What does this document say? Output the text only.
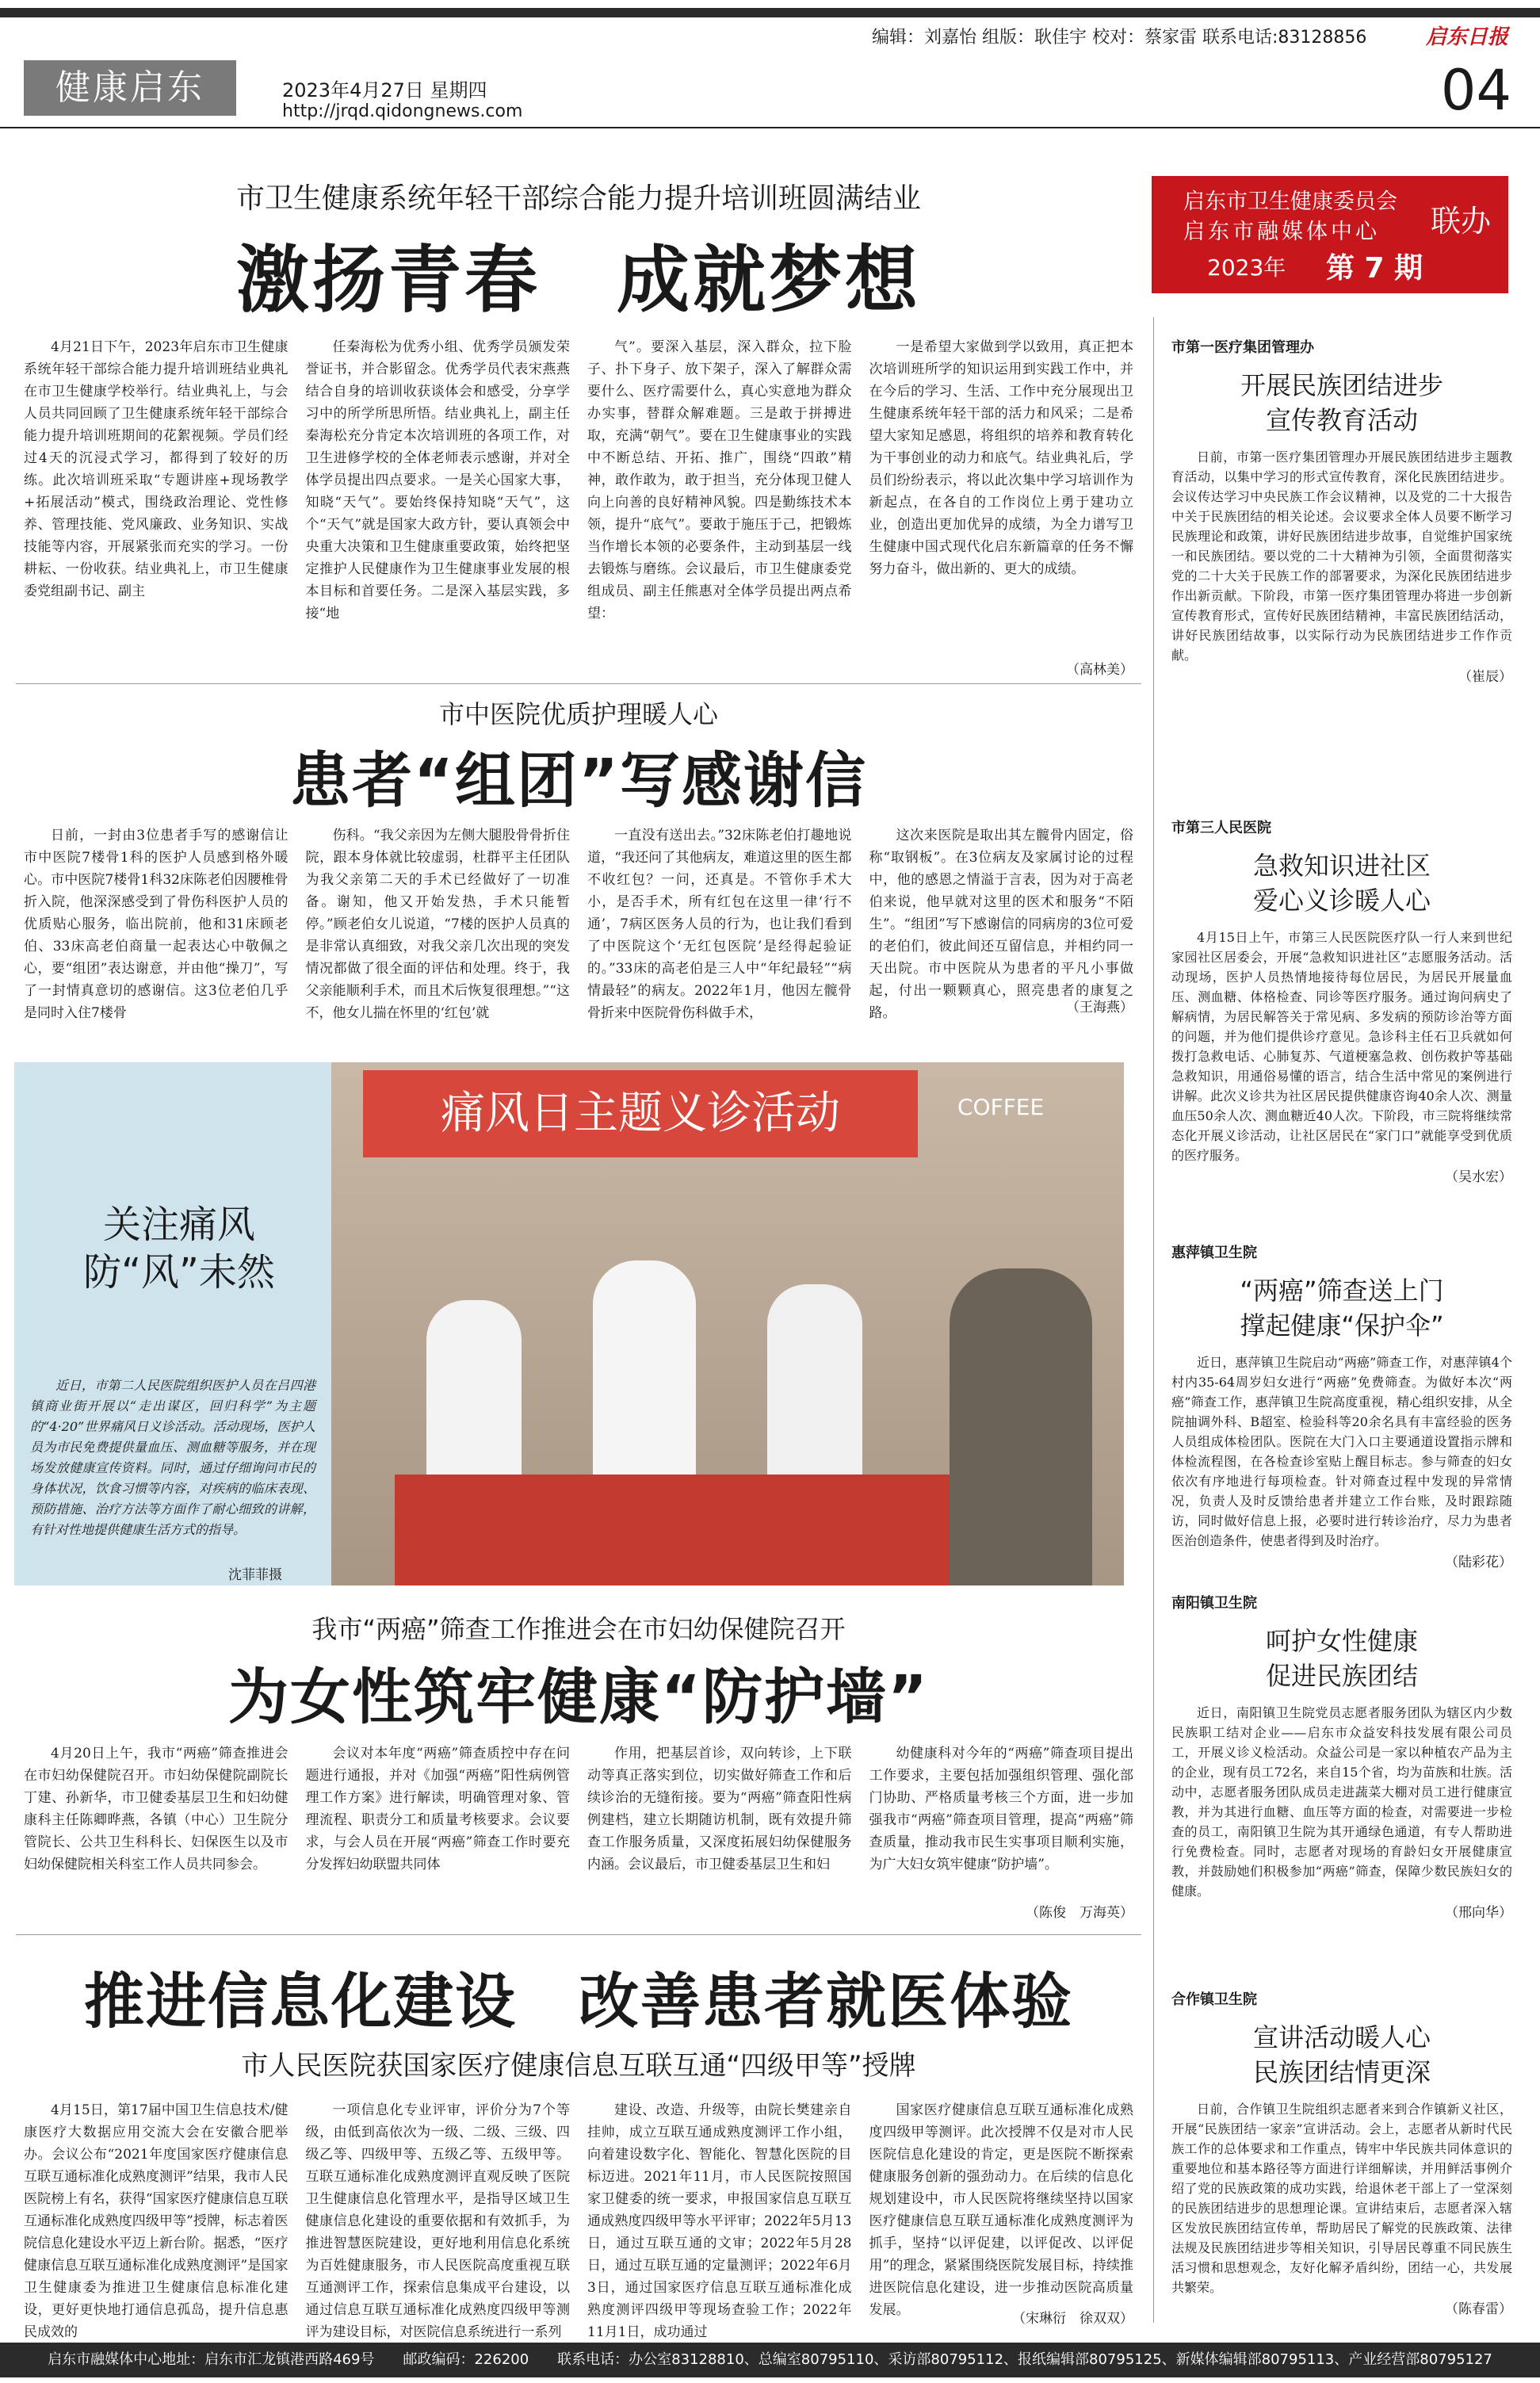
编辑：刘嘉怡 组版：耿佳宇 校对：蔡家雷 联系电话:83128856	启东日报
健康启东	2023年4月27日 星期四
http://jrqd.qidongnews.com	04
启东市卫生健康委员会
启东市融媒体中心	联办
2023年 第 7 期
市卫生健康系统年轻干部综合能力提升培训班圆满结业
激扬青春　成就梦想

4月21日下午，2023年启东市卫生健康系统年轻干部综合能力提升培训班结业典礼在市卫生健康学校举行。结业典礼上，与会人员共同回顾了卫生健康系统年轻干部综合能力提升培训班期间的花絮视频。学员们经过4天的沉浸式学习，都得到了较好的历练。此次培训班采取“专题讲座+现场教学+拓展活动”模式，围绕政治理论、党性修养、管理技能、党风廉政、业务知识、实战技能等内容，开展紧张而充实的学习。一份耕耘、一份收获。结业典礼上，市卫生健康委党组副书记、副主

任秦海松为优秀小组、优秀学员颁发荣誉证书，并合影留念。优秀学员代表宋燕燕结合自身的培训收获谈体会和感受，分享学习中的所学所思所悟。结业典礼上，副主任秦海松充分肯定本次培训班的各项工作，对卫生进修学校的全体老师表示感谢，并对全体学员提出四点要求。一是关心国家大事，知晓“天气”。要始终保持知晓“天气”，这个“天气”就是国家大政方针，要认真领会中央重大决策和卫生健康重要政策，始终把坚定推护人民健康作为卫生健康事业发展的根本目标和首要任务。二是深入基层实践，多接“地

气”。要深入基层，深入群众，拉下脸子、扑下身子、放下架子，深入了解群众需要什么、医疗需要什么，真心实意地为群众办实事，替群众解难题。三是敢于拼搏进取，充满“朝气”。要在卫生健康事业的实践中不断总结、开拓、推广，围绕“四敢”精神，敢作敢为，敢于担当，充分体现卫健人向上向善的良好精神风貌。四是勤练技术本领，提升“底气”。要敢于施压于己，把锻炼当作增长本领的必要条件，主动到基层一线去锻炼与磨练。会议最后，市卫生健康委党组成员、副主任熊惠对全体学员提出两点希望：

一是希望大家做到学以致用，真正把本次培训班所学的知识运用到实践工作中，并在今后的学习、生活、工作中充分展现出卫生健康系统年轻干部的活力和风采；二是希望大家知足感恩，将组织的培养和教育转化为干事创业的动力和底气。结业典礼后，学员们纷纷表示，将以此次集中学习培训作为新起点，在各自的工作岗位上勇于建功立业，创造出更加优异的成绩，为全力谱写卫生健康中国式现代化启东新篇章的任务不懈努力奋斗，做出新的、更大的成绩。

（高林美）
市中医院优质护理暖人心
患者“组团”写感谢信

日前，一封由3位患者手写的感谢信让市中医院7楼骨1科的医护人员感到格外暖心。市中医院7楼骨1科32床陈老伯因腰椎骨折入院，他深深感受到了骨伤科医护人员的优质贴心服务，临出院前，他和31床顾老伯、33床高老伯商量一起表达心中敬佩之心，要“组团”表达谢意，并由他“操刀”，写了一封情真意切的感谢信。这3位老伯几乎是同时入住7楼骨

伤科。“我父亲因为左侧大腿股骨骨折住院，跟本身体就比较虚弱，杜群平主任团队为我父亲第二天的手术已经做好了一切准备。谢知，他又开始发热，手术只能暂停。”顾老伯女儿说道，“7楼的医护人员真的是非常认真细致，对我父亲几次出现的突发情况都做了很全面的评估和处理。终于，我父亲能顺利手术，而且术后恢复很理想。”“这不，他女儿揣在怀里的‘红包’就

一直没有送出去。”32床陈老伯打趣地说道，“我还问了其他病友，难道这里的医生都不收红包？一问，还真是。不管你手术大小，是否手术，所有红包在这里一律‘行不通’，7病区医务人员的行为，也让我们看到了中医院这个‘无红包医院’是经得起验证的。”33床的高老伯是三人中“年纪最轻”“病情最轻”的病友。2022年1月，他因左髋骨骨折来中医院骨伤科做手术，

这次来医院是取出其左髋骨内固定，俗称“取钢板”。在3位病友及家属讨论的过程中，他的感恩之情溢于言表，因为对于高老伯来说，他早就对这里的医术和服务“不陌生”。“组团”写下感谢信的同病房的3位可爱的老伯们，彼此间还互留信息，并相约同一天出院。市中医院从为患者的平凡小事做起，付出一颗颗真心，照亮患者的康复之路。	（王海燕）
关注痛风
防“风”未然
近日，市第二人民医院组织医护人员在吕四港镇商业街开展以“走出谋区，回归科学”为主题的“4·20”世界痛风日义诊活动。活动现场，医护人员为市民免费提供量血压、测血糖等服务，并在现场发放健康宣传资料。同时，通过仔细询问市民的身体状况，饮食习惯等内容，对疾病的临床表现、预防措施、治疗方法等方面作了耐心细致的讲解，有针对性地提供健康生活方式的指导。
沈菲菲摄
痛风日主题义诊活动	COFFEE
我市“两癌”筛查工作推进会在市妇幼保健院召开
为女性筑牢健康“防护墙”

4月20日上午，我市“两癌”筛查推进会在市妇幼保健院召开。市妇幼保健院副院长丁建、孙新华，市卫健委基层卫生和妇幼健康科主任陈卿晔燕，各镇（中心）卫生院分管院长、公共卫生科科长、妇保医生以及市妇幼保健院相关科室工作人员共同参会。

会议对本年度“两癌”筛查质控中存在问题进行通报，并对《加强“两癌”阳性病例管理工作方案》进行解读，明确管理对象、管理流程、职责分工和质量考核要求。会议要求，与会人员在开展“两癌”筛查工作时要充分发挥妇幼联盟共同体

作用，把基层首诊，双向转诊，上下联动等真正落实到位，切实做好筛查工作和后续诊治的无缝衔接。要为“两癌”筛查阳性病例建档，建立长期随访机制，既有效提升筛查工作服务质量，又深度拓展妇幼保健服务内涵。会议最后，市卫健委基层卫生和妇

幼健康科对今年的“两癌”筛查项目提出工作要求，主要包括加强组织管理、强化部门协助、严格质量考核三个方面，进一步加强我市“两癌”筛查项目管理，提高“两癌”筛查质量，推动我市民生实事项目顺利实施，为广大妇女筑牢健康“防护墙”。

（陈俊　万海英）
推进信息化建设　改善患者就医体验
市人民医院获国家医疗健康信息互联互通“四级甲等”授牌

4月15日，第17届中国卫生信息技术/健康医疗大数据应用交流大会在安徽合肥举办。会议公布“2021年度国家医疗健康信息互联互通标准化成熟度测评”结果，我市人民医院榜上有名，获得“国家医疗健康信息互联互通标准化成熟度四级甲等”授牌，标志着医院信息化建设水平迈上新台阶。据悉，“医疗健康信息互联互通标准化成熟度测评”是国家卫生健康委为推进卫生健康信息标准化建设，更好更快地打通信息孤岛，提升信息惠民成效的

一项信息化专业评审，评价分为7个等级，由低到高依次为一级、二级、三级、四级乙等、四级甲等、五级乙等、五级甲等。互联互通标准化成熟度测评直观反映了医院卫生健康信息化管理水平，是指导区域卫生健康信息化建设的重要依据和有效抓手，为推进智慧医院建设，更好地利用信息化系统为百姓健康服务，市人民医院高度重视互联互通测评工作，探索信息集成平台建设，以通过信息互联互通标准化成熟度四级甲等测评为建设目标，对医院信息系统进行一系列

建设、改造、升级等，由院长樊建亲自挂帅，成立互联互通成熟度测评工作小组，向着建设数字化、智能化、智慧化医院的目标迈进。2021年11月，市人民医院按照国家卫健委的统一要求，申报国家信息互联互通成熟度四级甲等水平评审；2022年5月13日，通过互联互通的文审；2022年5月28日，通过互联互通的定量测评；2022年6月3日，通过国家医疗信息互联互通标准化成熟度测评四级甲等现场查验工作；2022年11月1日，成功通过

国家医疗健康信息互联互通标准化成熟度四级甲等测评。此次授牌不仅是对市人民医院信息化建设的肯定，更是医院不断探索健康服务创新的强劲动力。在后续的信息化规划建设中，市人民医院将继续坚持以国家医疗健康信息互联互通标准化成熟度测评为抓手，坚持“以评促建，以评促改、以评促用”的理念，紧紧围绕医院发展目标，持续推进医院信息化建设，进一步推动医院高质量发展。

（宋琳衍　徐双双）
市第一医疗集团管理办
开展民族团结进步
宣传教育活动
日前，市第一医疗集团管理办开展民族团结进步主题教育活动，以集中学习的形式宣传教育，深化民族团结进步。会议传达学习中央民族工作会议精神，以及党的二十大报告中关于民族团结的相关论述。会议要求全体人员要不断学习民族理论和政策，讲好民族团结进步故事，自觉维护国家统一和民族团结。要以党的二十大精神为引领，全面贯彻落实党的二十大关于民族工作的部署要求，为深化民族团结进步作出新贡献。下阶段，市第一医疗集团管理办将进一步创新宣传教育形式，宣传好民族团结精神，丰富民族团结活动，讲好民族团结故事，以实际行动为民族团结进步工作作贡献。
（崔辰）
市第三人民医院
急救知识进社区
爱心义诊暖人心
4月15日上午，市第三人民医院医疗队一行人来到世纪家园社区居委会，开展“急救知识进社区”志愿服务活动。活动现场，医护人员热情地接待每位居民，为居民开展量血压、测血糖、体格检查、同诊等医疗服务。通过询问病史了解病情，为居民解答关于常见病、多发病的预防诊治等方面的问题，并为他们提供诊疗意见。急诊科主任石卫兵就如何拨打急救电话、心肺复苏、气道梗塞急救、创伤救护等基础急救知识，用通俗易懂的语言，结合生活中常见的案例进行讲解。此次义诊共为社区居民提供健康咨询40余人次、测量血压50余人次、测血糖近40人次。下阶段，市三院将继续常态化开展义诊活动，让社区居民在“家门口”就能享受到优质的医疗服务。
（吴水宏）
惠萍镇卫生院
“两癌”筛查送上门
撑起健康“保护伞”
近日，惠萍镇卫生院启动“两癌”筛查工作，对惠萍镇4个村内35-64周岁妇女进行“两癌”免费筛查。为做好本次“两癌”筛查工作，惠萍镇卫生院高度重视，精心组织安排，从全院抽调外科、B超室、检验科等20余名具有丰富经验的医务人员组成体检团队。医院在大门入口主要通道设置指示牌和体检流程图，在各检查诊室贴上醒目标志。参与筛查的妇女依次有序地进行每项检查。针对筛查过程中发现的异常情况，负责人及时反馈给患者并建立工作台账，及时跟踪随访，同时做好信息上报，必要时进行转诊治疗，尽力为患者医治创造条件，使患者得到及时治疗。
（陆彩花）
南阳镇卫生院
呵护女性健康
促进民族团结
近日，南阳镇卫生院党员志愿者服务团队为辖区内少数民族职工结对企业——启东市众益安科技发展有限公司员工，开展义诊义检活动。众益公司是一家以种植农产品为主的企业，现有员工72名，来自15个省，均为苗族和壮族。活动中，志愿者服务团队成员走进蔬菜大棚对员工进行健康宣教，并为其进行血糖、血压等方面的检查，对需要进一步检查的员工，南阳镇卫生院为其开通绿色通道，有专人帮助进行免费检查。同时，志愿者对现场的育龄妇女开展健康宣教，并鼓励她们积极参加“两癌”筛查，保障少数民族妇女的健康。
（邢向华）
合作镇卫生院
宣讲活动暖人心
民族团结情更深
日前，合作镇卫生院组织志愿者来到合作镇新义社区，开展“民族团结一家亲”宣讲活动。会上，志愿者从新时代民族工作的总体要求和工作重点，铸牢中华民族共同体意识的重要地位和基本路径等方面进行详细解读，并用鲜活事例介绍了党的民族政策的成功实践，给退休老干部上了一堂深刻的民族团结进步的思想理论课。宣讲结束后，志愿者深入辖区发放民族团结宣传单，帮助居民了解党的民族政策、法律法规及民族团结进步等相关知识，引导居民尊重不同民族生活习惯和思想观念，友好化解矛盾纠纷，团结一心，共发展共繁荣。
（陈春雷）
启东市融媒体中心地址：启东市汇龙镇港西路469号　　邮政编码：226200　　联系电话：办公室83128810、总编室80795110、采访部80795112、报纸编辑部80795125、新媒体编辑部80795113、产业经营部80795127
